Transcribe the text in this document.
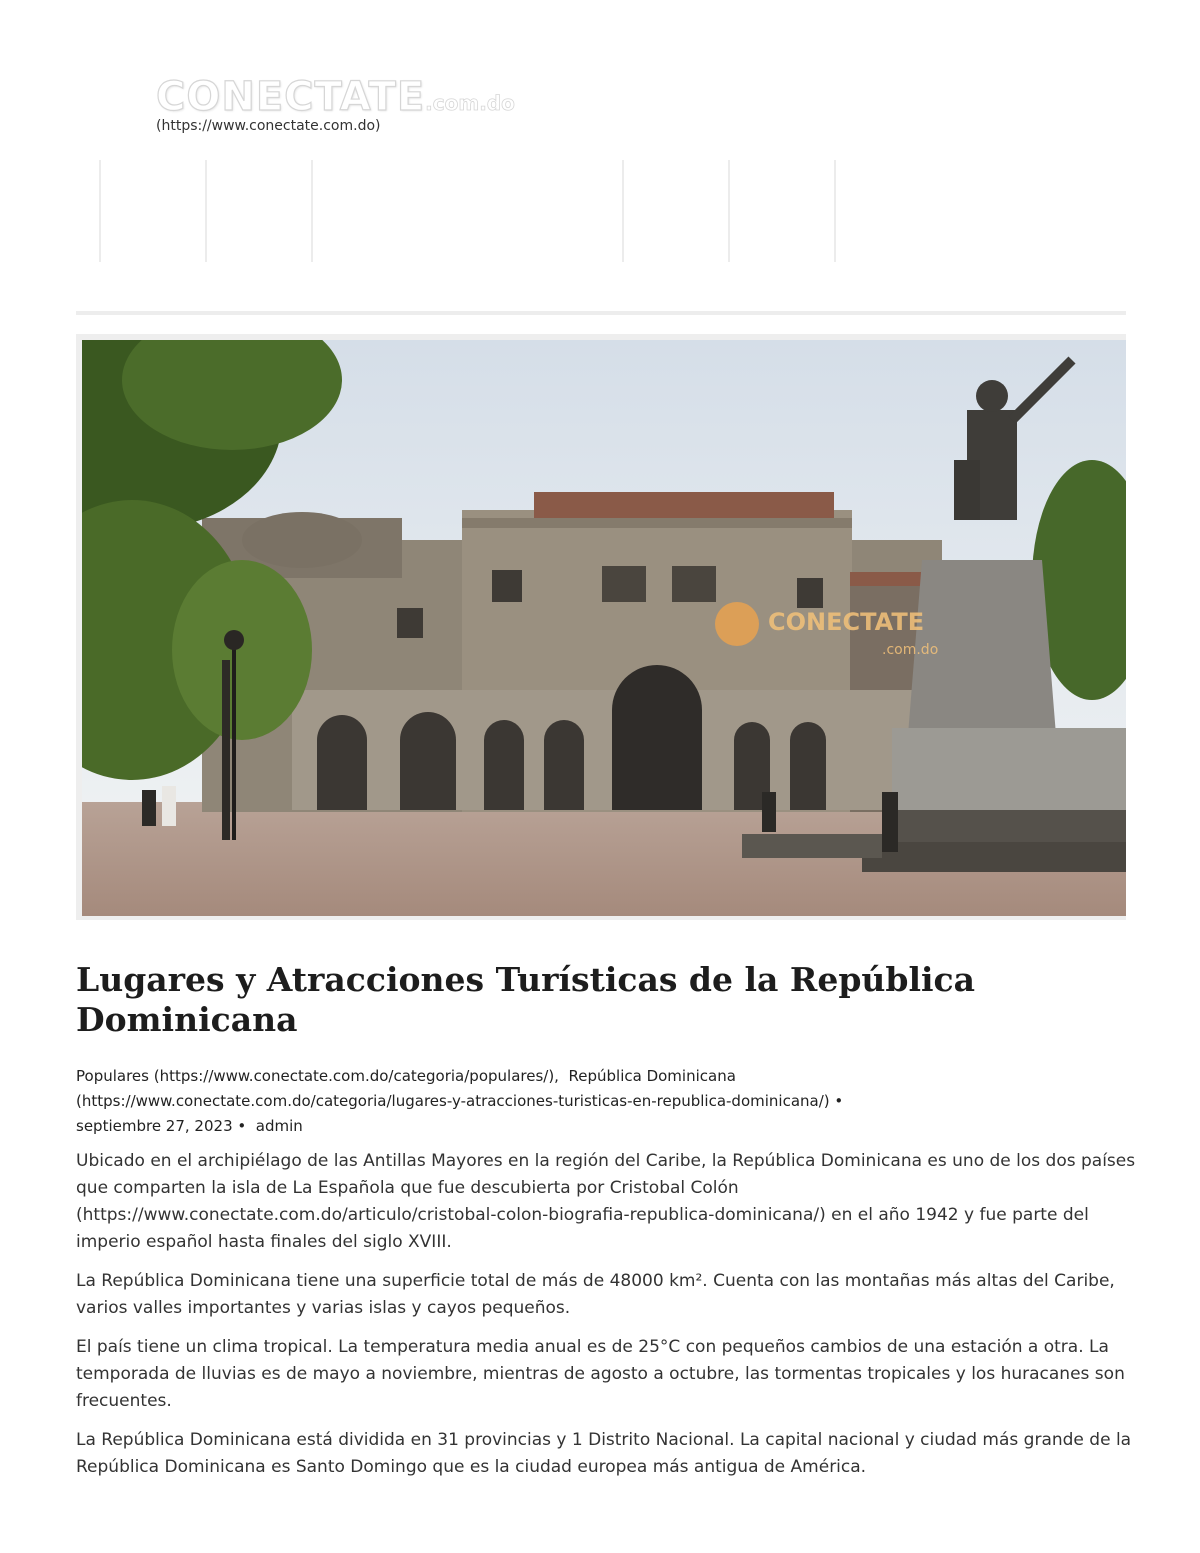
CONECTATE.com.do
(https://www.conectate.com.do)
CONECTATE
.com.do
Lugares y Atracciones Turísticas de la República Dominicana
Populares (https://www.conectate.com.do/categoria/populares/), República Dominicana
(https://www.conectate.com.do/categoria/lugares-y-atracciones-turisticas-en-republica-dominicana/) •
septiembre 27, 2023 • admin

Ubicado en el archipiélago de las Antillas Mayores en la región del Caribe, la República Dominicana es uno de los dos países que comparten la isla de La Española que fue descubierta por Cristobal Colón (https://www.conectate.com.do/articulo/cristobal-colon-biografia-republica-dominicana/) en el año 1942 y fue parte del imperio español hasta finales del siglo XVIII.

La República Dominicana tiene una superficie total de más de 48000 km². Cuenta con las montañas más altas del Caribe, varios valles importantes y varias islas y cayos pequeños.

El país tiene un clima tropical. La temperatura media anual es de 25°C con pequeños cambios de una estación a otra. La temporada de lluvias es de mayo a noviembre, mientras de agosto a octubre, las tormentas tropicales y los huracanes son frecuentes.

La República Dominicana está dividida en 31 provincias y 1 Distrito Nacional. La capital nacional y ciudad más grande de la República Dominicana es Santo Domingo que es la ciudad europea más antigua de América.
